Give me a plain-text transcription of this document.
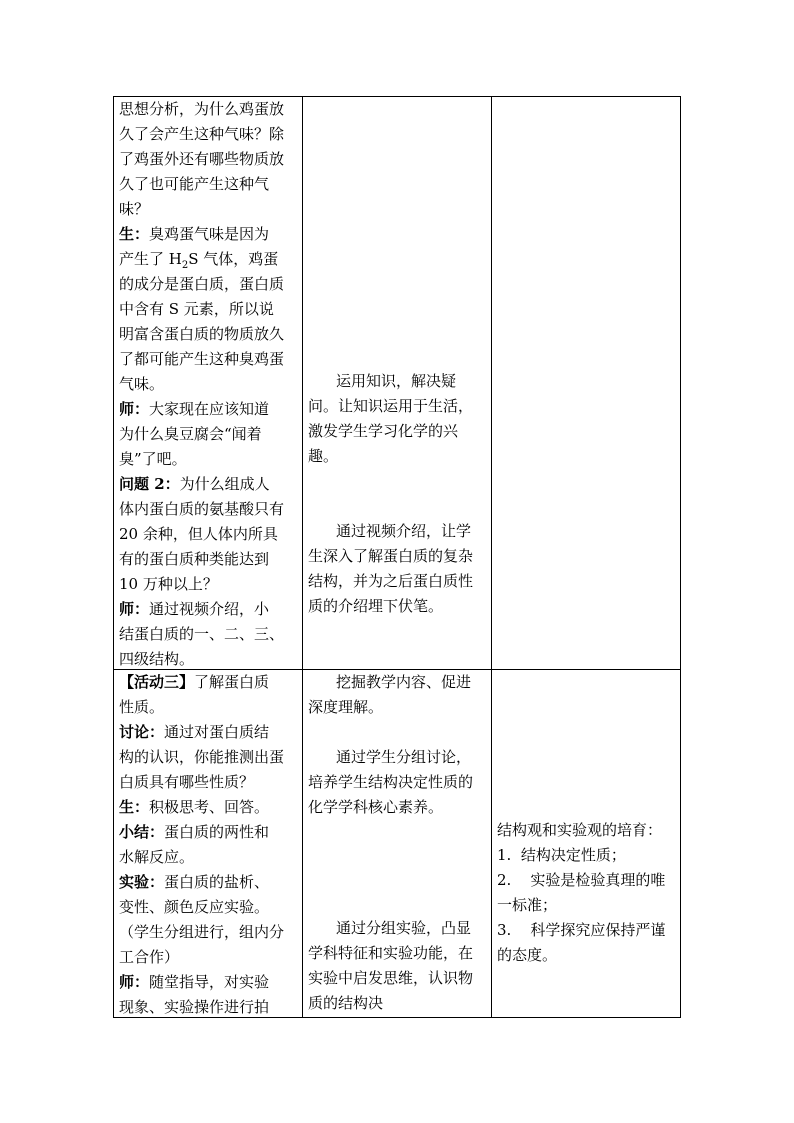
思想分析，为什么鸡蛋放久了会产生这种气味？除了鸡蛋外还有哪些物质放久了也可能产生这种气味？

生：臭鸡蛋气味是因为产生了 $H_2S$ 气体，鸡蛋的成分是蛋白质，蛋白质中含有 S 元素，所以说明富含蛋白质的物质放久了都可能产生这种臭鸡蛋气味。

师：大家现在应该知道为什么臭豆腐会“闻着臭”了吧。

问题 2：为什么组成人体内蛋白质的氨基酸只有 20 余种，但人体内所具有的蛋白质种类能达到 10 万种以上？

师：通过视频介绍，小结蛋白质的一、二、三、四级结构。

运用知识，解决疑问。让知识运用于生活，激发学生学习化学的兴趣。

通过视频介绍，让学生深入了解蛋白质的复杂结构，并为之后蛋白质性质的介绍埋下伏笔。

【活动三】了解蛋白质性质。

讨论：通过对蛋白质结构的认识，你能推测出蛋白质具有哪些性质？

生：积极思考、回答。

小结：蛋白质的两性和水解反应。

实验：蛋白质的盐析、变性、颜色反应实验。（学生分组进行，组内分工合作）

师：随堂指导，对实验现象、实验操作进行拍

挖掘教学内容、促进深度理解。

通过学生分组讨论，培养学生结构决定性质的化学学科核心素养。

通过分组实验，凸显学科特征和实验功能，在实验中启发思维，认识物质的结构决

结构观和实验观的培育：

1. 结构决定性质；

2. 实验是检验真理的唯一标准；

3. 科学探究应保持严谨的态度。
